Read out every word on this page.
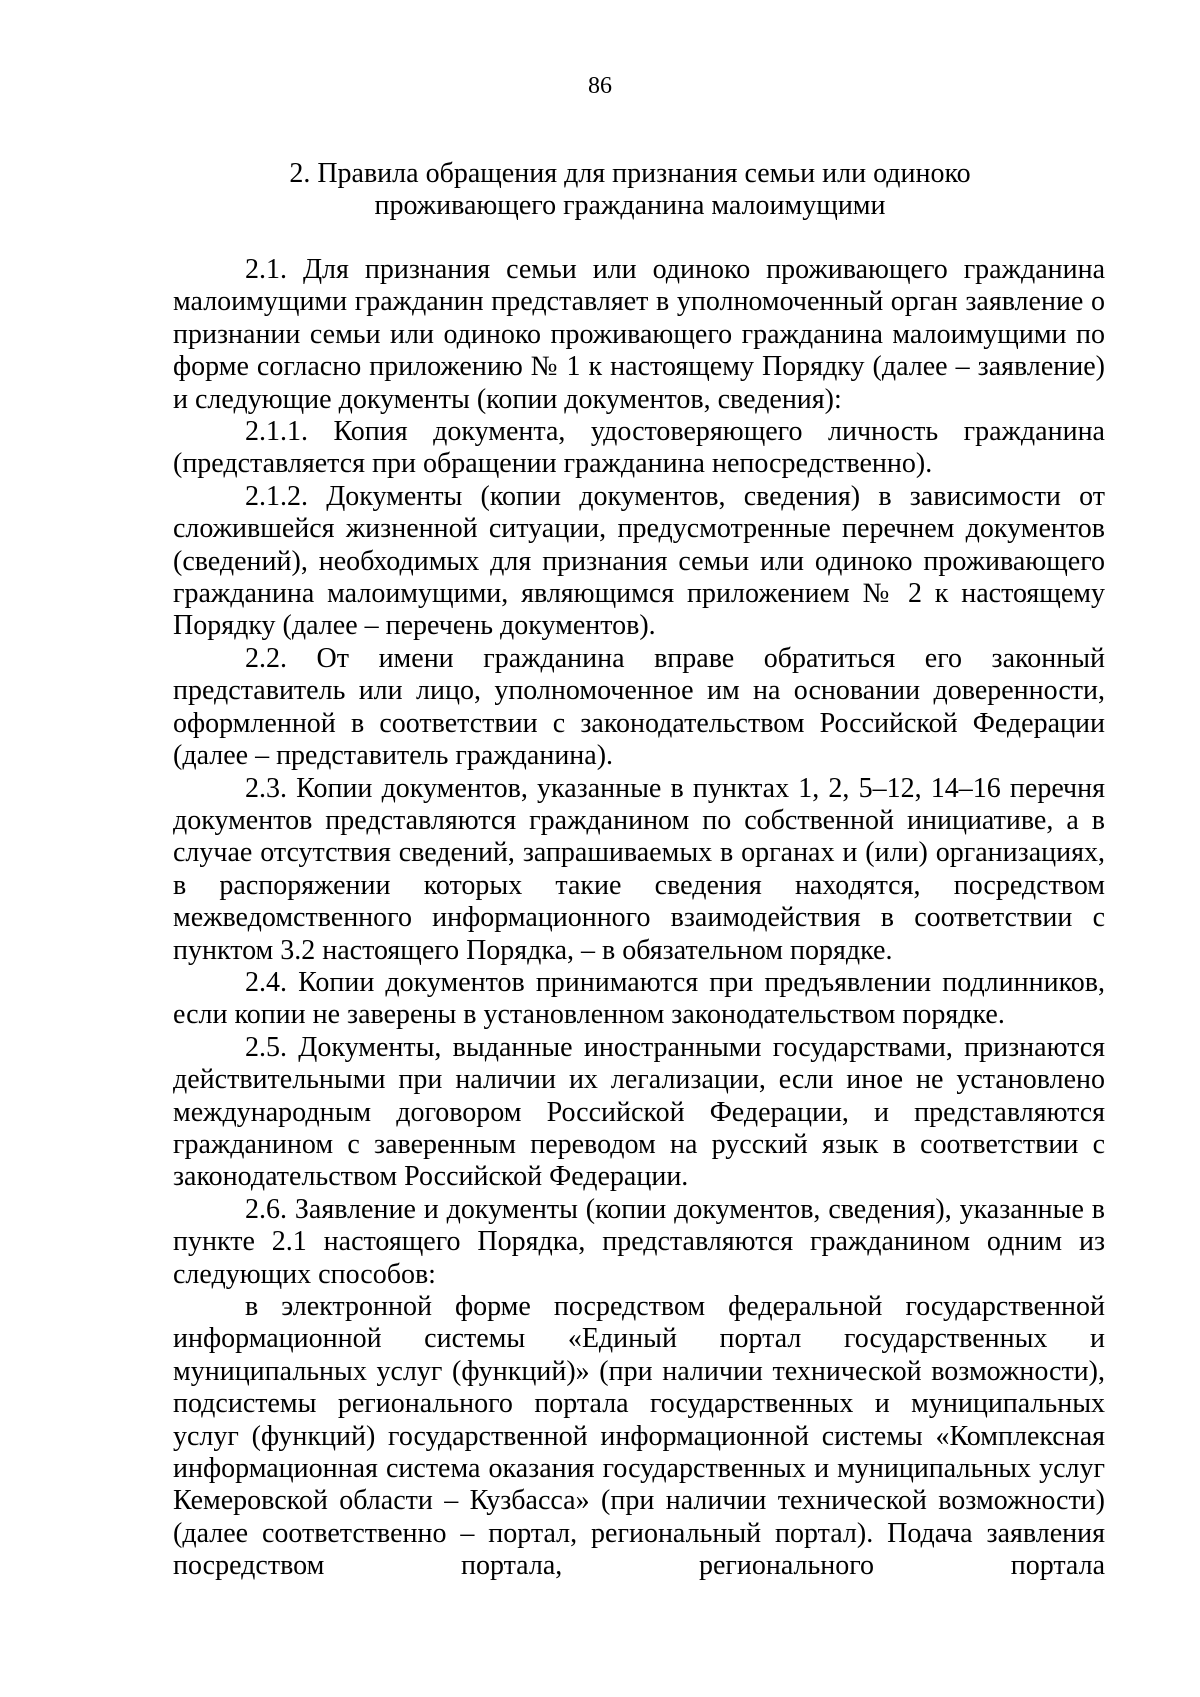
86
2. Правила обращения для признания семьи или одиноко
проживающего гражданина малоимущими

2.1. Для признания семьи или одиноко проживающего гражданина малоимущими гражданин представляет в уполномоченный орган заявление о признании семьи или одиноко проживающего гражданина малоимущими по форме согласно приложению № 1 к настоящему Порядку (далее – заявление) и следующие документы (копии документов, сведения):

2.1.1. Копия документа, удостоверяющего личность гражданина (представляется при обращении гражданина непосредственно).

2.1.2. Документы (копии документов, сведения) в зависимости от сложившейся жизненной ситуации, предусмотренные перечнем документов (сведений), необходимых для признания семьи или одиноко проживающего гражданина малоимущими, являющимся приложением № 2 к настоящему Порядку (далее – перечень документов).

2.2. От имени гражданина вправе обратиться его законный представитель или лицо, уполномоченное им на основании доверенности, оформленной в соответствии с законодательством Российской Федерации (далее – представитель гражданина).

2.3. Копии документов, указанные в пунктах 1, 2, 5–12, 14–16 перечня документов представляются гражданином по собственной инициативе, а в случае отсутствия сведений, запрашиваемых в органах и (или) организациях, в распоряжении которых такие сведения находятся, посредством межведомственного информационного взаимодействия в соответствии с пунктом 3.2 настоящего Порядка, – в обязательном порядке.

2.4. Копии документов принимаются при предъявлении подлинников, если копии не заверены в установленном законодательством порядке.

2.5. Документы, выданные иностранными государствами, признаются действительными при наличии их легализации, если иное не установлено международным договором Российской Федерации, и представляются гражданином с заверенным переводом на русский язык в соответствии с законодательством Российской Федерации.

2.6. Заявление и документы (копии документов, сведения), указанные в пункте 2.1 настоящего Порядка, представляются гражданином одним из следующих способов:

в электронной форме посредством федеральной государственной информационной системы «Единый портал государственных и муниципальных услуг (функций)» (при наличии технической возможности), подсистемы регионального портала государственных и муниципальных услуг (функций) государственной информационной системы «Комплексная информационная система оказания государственных и муниципальных услуг Кемеровской области – Кузбасса» (при наличии технической возможности) (далее соответственно – портал, региональный портал). Подача заявления посредством портала, регионального портала
